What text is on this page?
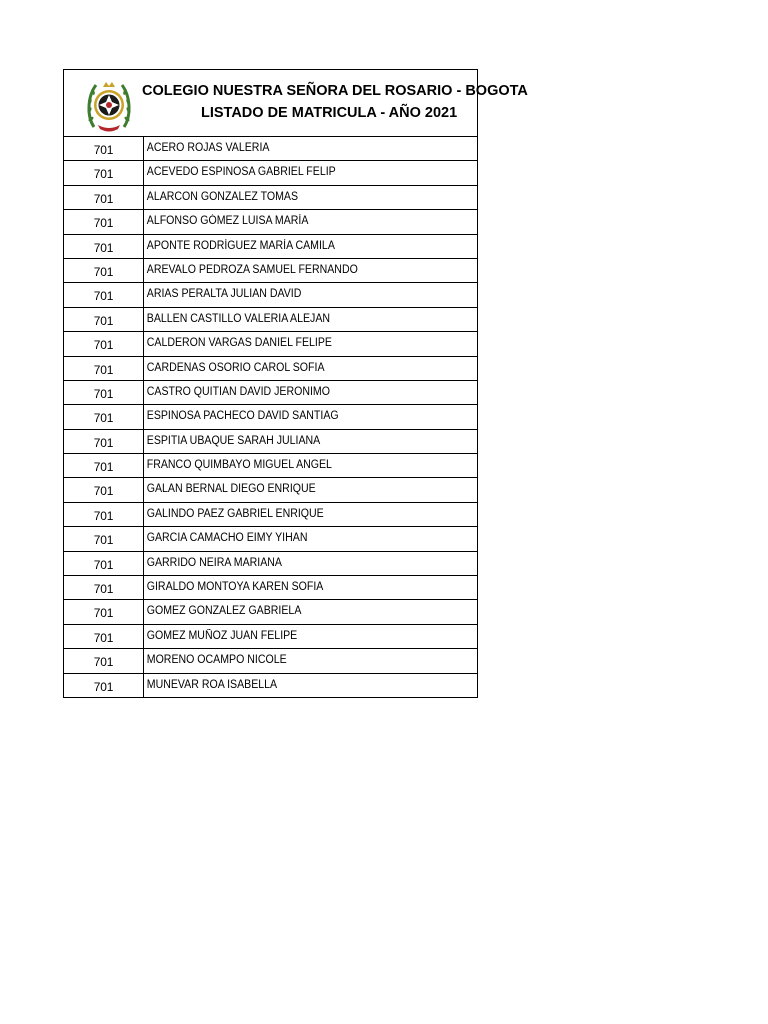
COLEGIO NUESTRA SEÑORA DEL ROSARIO - BOGOTA
LISTADO DE MATRICULA - AÑO 2021
701	ACERO ROJAS VALERIA
701	ACEVEDO ESPINOSA GABRIEL FELIP
701	ALARCON GONZALEZ TOMAS
701	ALFONSO GÓMEZ LUISA MARÍA
701	APONTE RODRÍGUEZ MARÍA CAMILA
701	AREVALO PEDROZA SAMUEL FERNANDO
701	ARIAS PERALTA JULIAN DAVID
701	BALLEN CASTILLO VALERIA ALEJAN
701	CALDERON VARGAS DANIEL FELIPE
701	CARDENAS OSORIO CAROL SOFIA
701	CASTRO QUITIAN DAVID JERONIMO
701	ESPINOSA PACHECO DAVID SANTIAG
701	ESPITIA UBAQUE SARAH JULIANA
701	FRANCO QUIMBAYO MIGUEL ANGEL
701	GALAN BERNAL DIEGO ENRIQUE
701	GALINDO PAEZ GABRIEL ENRIQUE
701	GARCIA CAMACHO EIMY YIHAN
701	GARRIDO NEIRA MARIANA
701	GIRALDO MONTOYA KAREN SOFIA
701	GOMEZ GONZALEZ GABRIELA
701	GOMEZ MUÑOZ JUAN FELIPE
701	MORENO OCAMPO NICOLE
701	MUNEVAR ROA ISABELLA
